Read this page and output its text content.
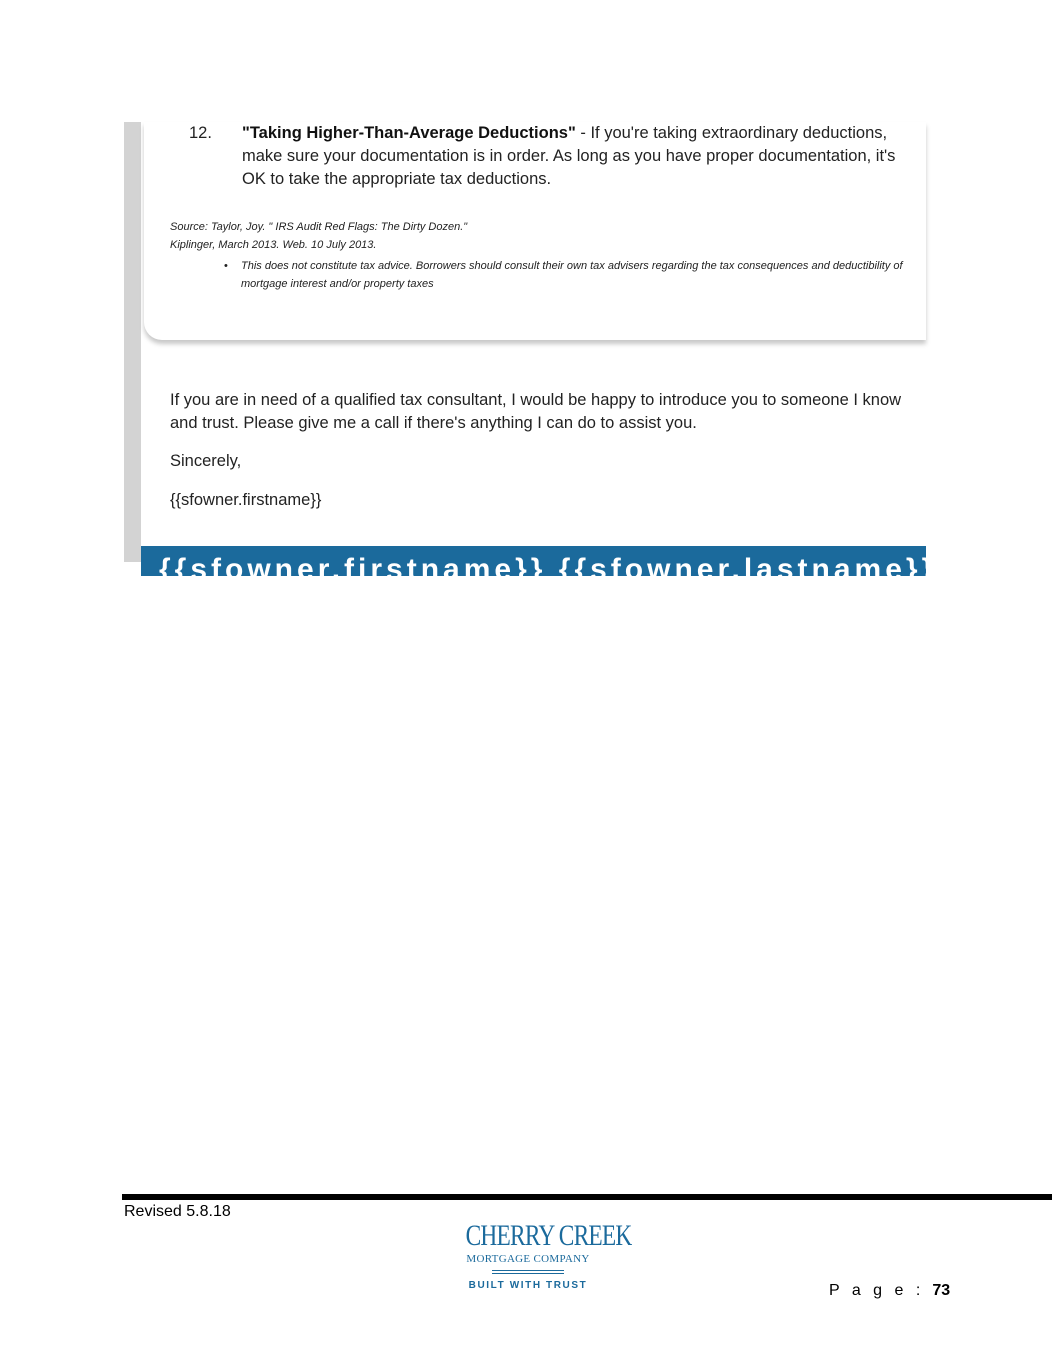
12.	"Taking Higher-Than-Average Deductions" - If you're taking extraordinary deductions, make sure your documentation is in order. As long as you have proper documentation, it's OK to take the appropriate tax deductions.
Source: Taylor, Joy. " IRS Audit Red Flags: The Dirty Dozen."
Kiplinger, March 2013. Web. 10 July 2013.
• This does not constitute tax advice. Borrowers should consult their own tax advisers regarding the tax consequences and deductibility of mortgage interest and/or property taxes
If you are in need of a qualified tax consultant, I would be happy to introduce you to someone I know and trust. Please give me a call if there's anything I can do to assist you.
Sincerely,
{{sfowner.firstname}}
{{sfowner.firstname}} {{sfowner.lastname}}
Revised 5.8.18
CHERRY CREEK
MORTGAGE COMPANY
BUILT WITH TRUST	P a g e : 73
